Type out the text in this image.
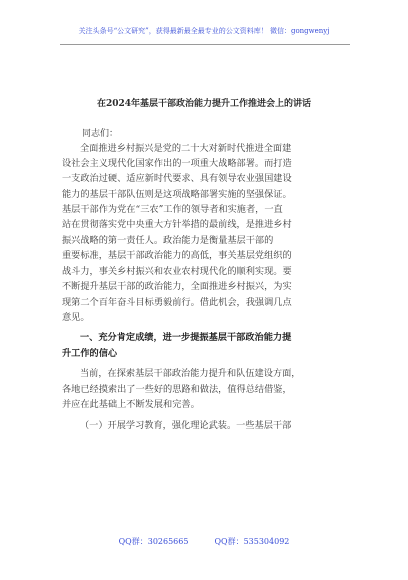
关注头条号“公文研究”，获得最新最全最专业的公文资料库！ 微信：gongwenyj
在2024年基层干部政治能力提升工作推进会上的讲话
同志们：
全面推进乡村振兴是党的二十大对新时代推进全面建
设社会主义现代化国家作出的一项重大战略部署。而打造
一支政治过硬、适应新时代要求、具有领导农业强国建设
能力的基层干部队伍则是这项战略部署实施的坚强保证。
基层干部作为党在“三农”工作的领导者和实施者，一直
站在贯彻落实党中央重大方针举措的最前线，是推进乡村
振兴战略的第一责任人。政治能力是衡量基层干部的
重要标准，基层干部政治能力的高低，事关基层党组织的
战斗力，事关乡村振兴和农业农村现代化的顺利实现。要
不断提升基层干部的政治能力，全面推进乡村振兴，为实
现第二个百年奋斗目标勇毅前行。借此机会，我强调几点
意见。
一、充分肯定成绩，进一步提振基层干部政治能力提
升工作的信心
当前，在探索基层干部政治能力提升和队伍建设方面，
各地已经摸索出了一些好的思路和做法，值得总结借鉴，
并应在此基础上不断发展和完善。
（一）开展学习教育，强化理论武装。一些基层干部
QQ群：30265665	QQ群：535304092
